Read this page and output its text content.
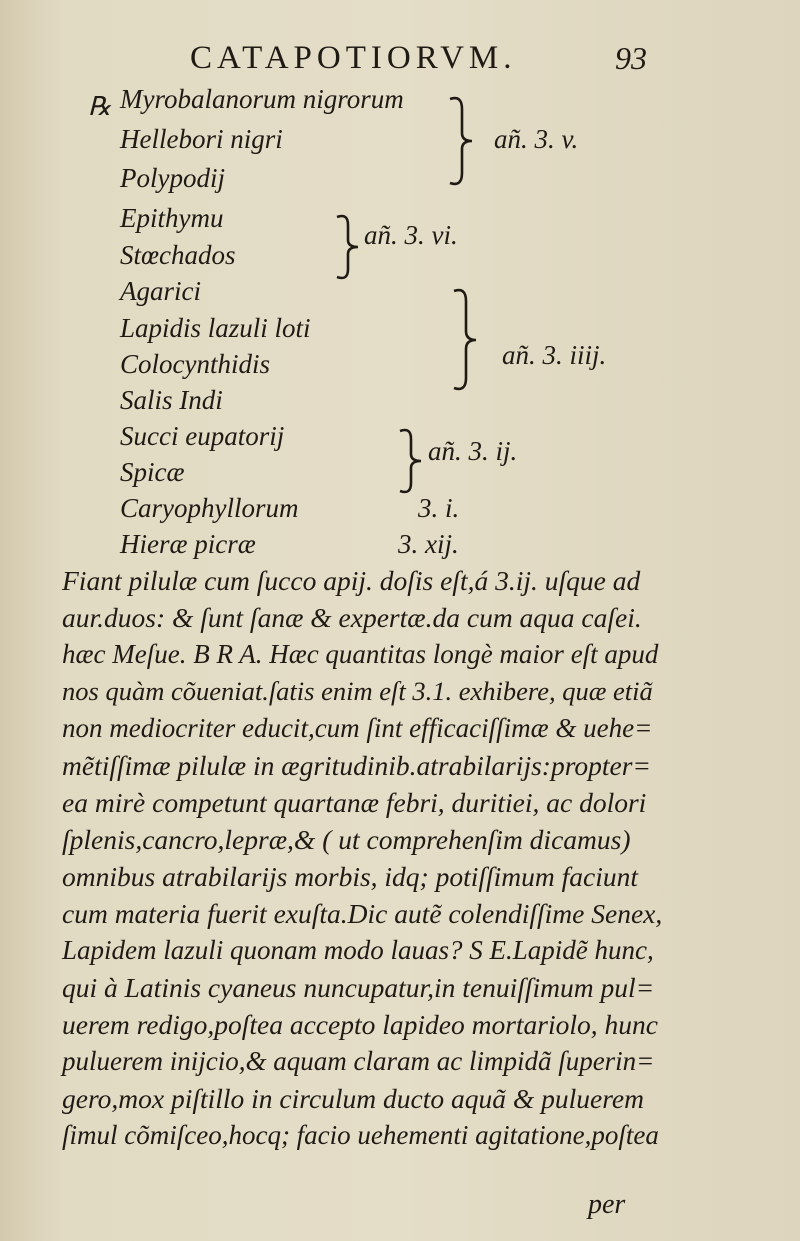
CATAPOTIORVM.	93
℞ Myrobalanorum nigrorum
Hellebori nigri
Polypodij
Epithymu
Stœchados
Agarici
Lapidis lazuli loti
Colocynthidis
Salis Indi
Succi eupatorij
Spicæ
Caryophyllorum
Hieræ picræ
añ. 3. v.
añ. 3. vi.
añ. 3. iiij.
añ. 3. ij.
3. i.
3. xij.
Fiant pilulæ cum ſucco apij. doſis eſt,á 3.ij. uſque ad
aur.duos: & ſunt ſanæ & expertæ.da cum aqua caſei.
hæc Meſue. B R A. Hæc quantitas longè maior eſt apud
nos quàm cõueniat.ſatis enim eſt 3.1. exhibere, quæ etiã
non mediocriter educit,cum ſint efficaciſſimæ & uehe=
mẽtiſſimæ pilulæ in ægritudinib.atrabilarijs:propter=
ea mirè competunt quartanæ febri, duritiei, ac dolori
ſplenis,cancro,lepræ,& ( ut comprehenſim dicamus)
omnibus atrabilarijs morbis, idq; potiſſimum faciunt
cum materia fuerit exuſta.Dic autẽ colendiſſime Senex,
Lapidem lazuli quonam modo lauas? S E.Lapidẽ hunc,
qui à Latinis cyaneus nuncupatur,in tenuiſſimum pul=
uerem redigo,poſtea accepto lapideo mortariolo, hunc
puluerem inijcio,& aquam claram ac limpidã ſuperin=
gero,mox piſtillo in circulum ducto aquã & puluerem
ſimul cõmiſceo,hocq; facio uehementi agitatione,poſtea
per
